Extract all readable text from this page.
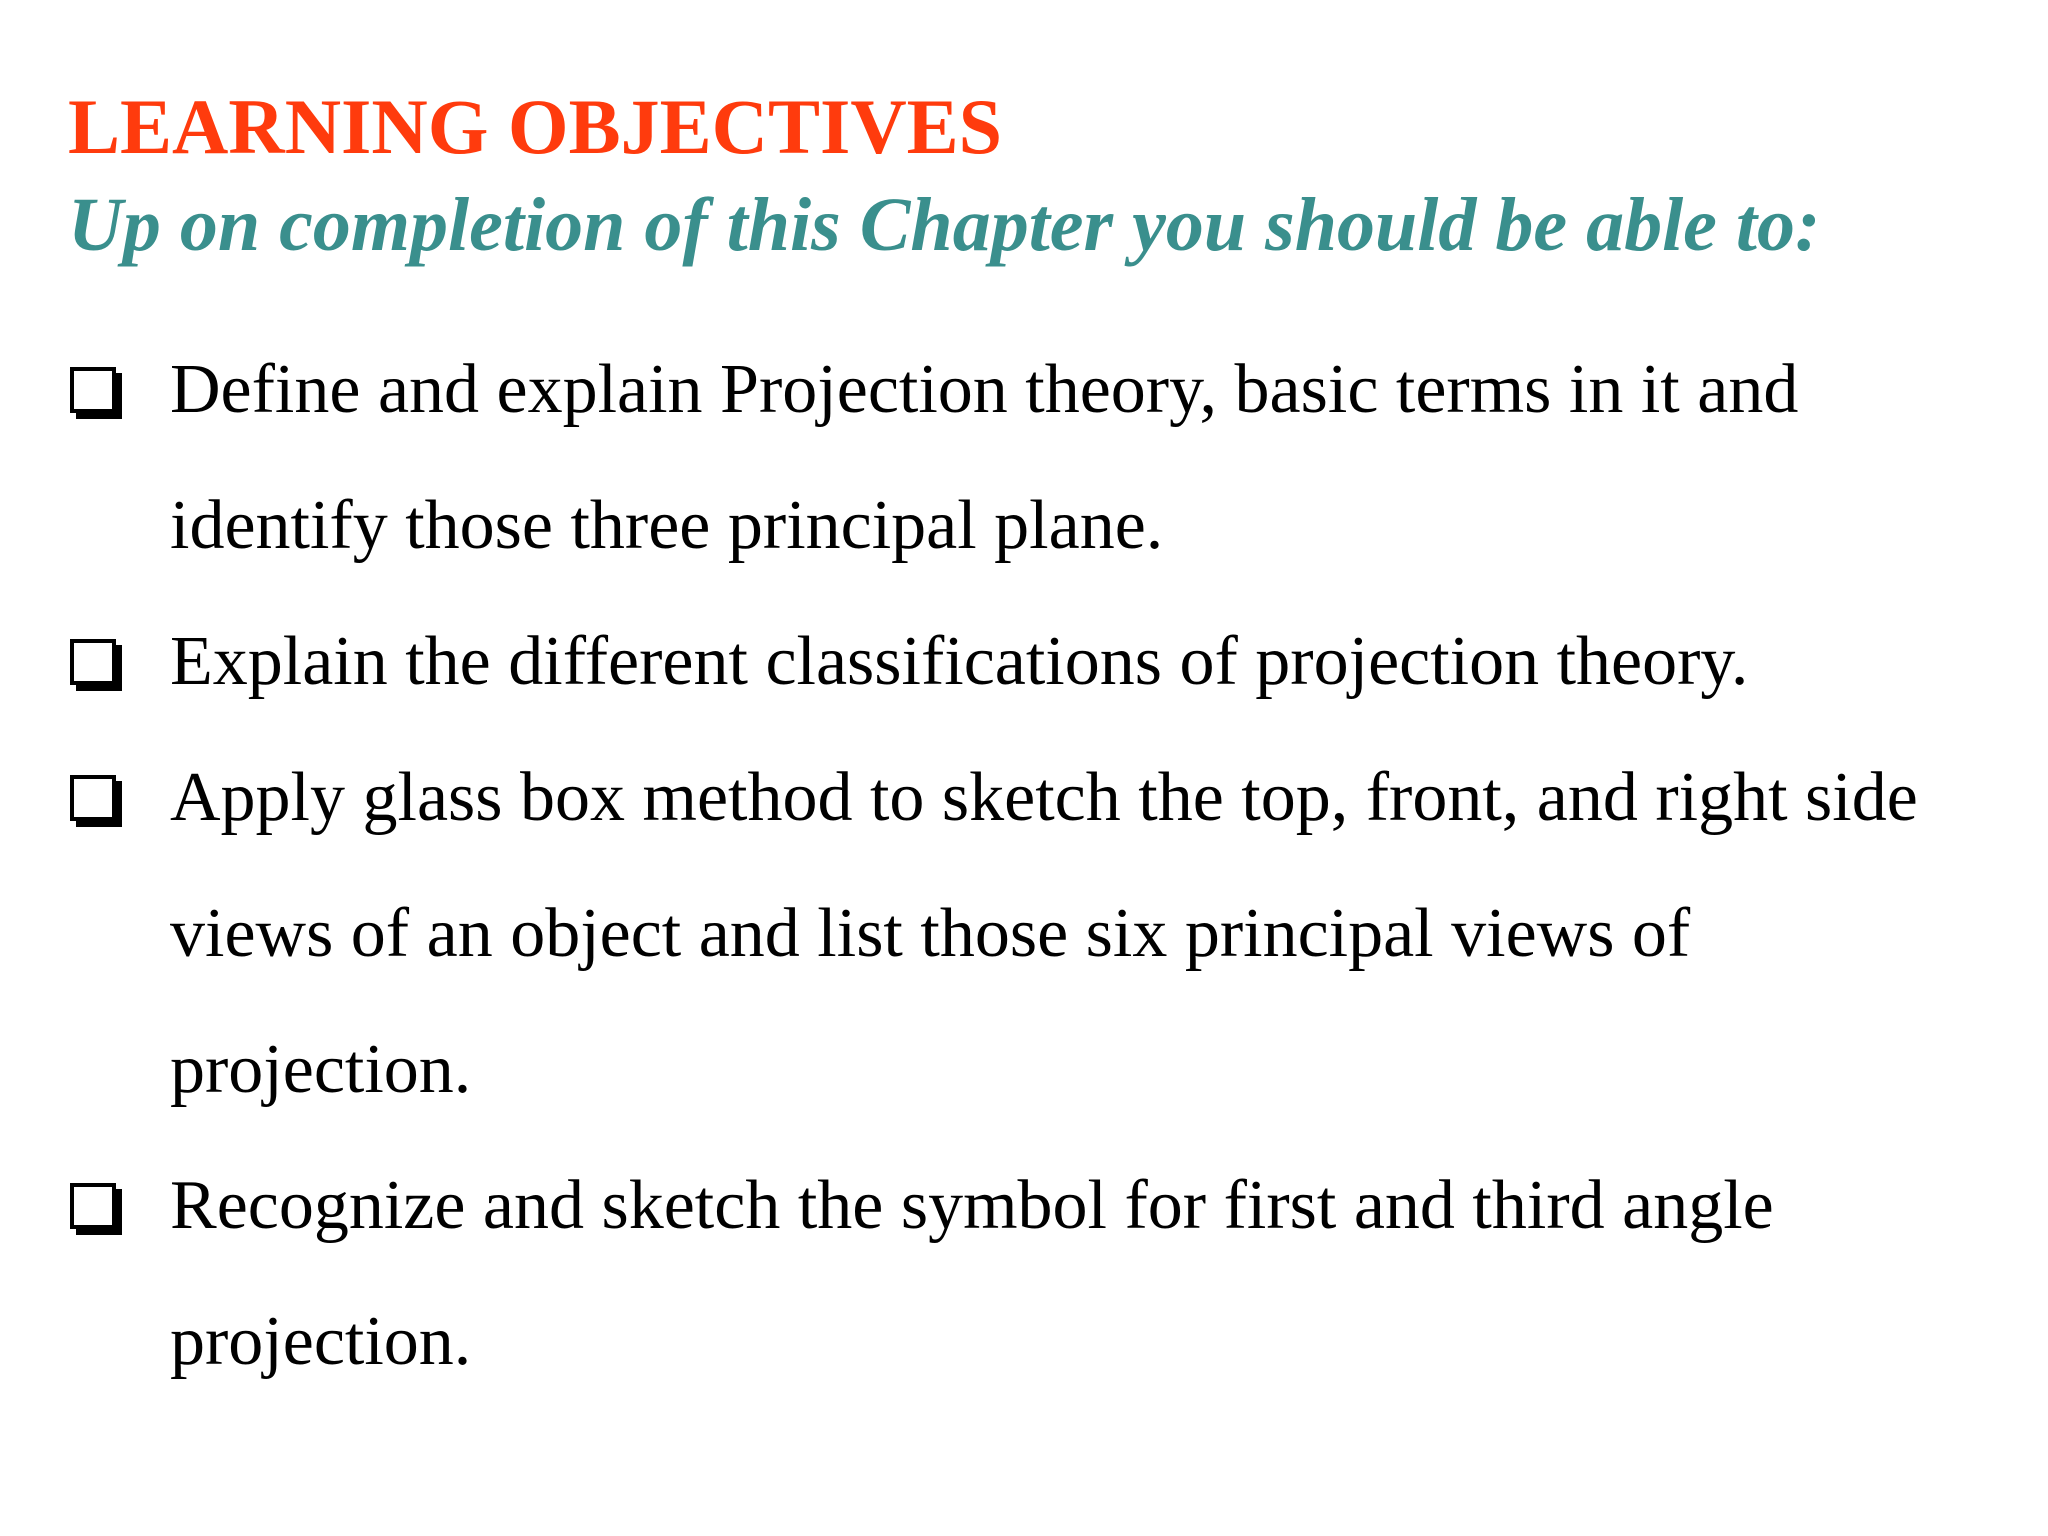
LEARNING OBJECTIVES
Up on completion of this Chapter you should be able to:
Define and explain Projection theory, basic terms in it and identify those three principal plane.
Explain the different classifications of projection theory.
Apply glass box method to sketch the top, front, and right side views of an object and list those six principal views of projection.
Recognize and sketch the symbol for first and third angle projection.
